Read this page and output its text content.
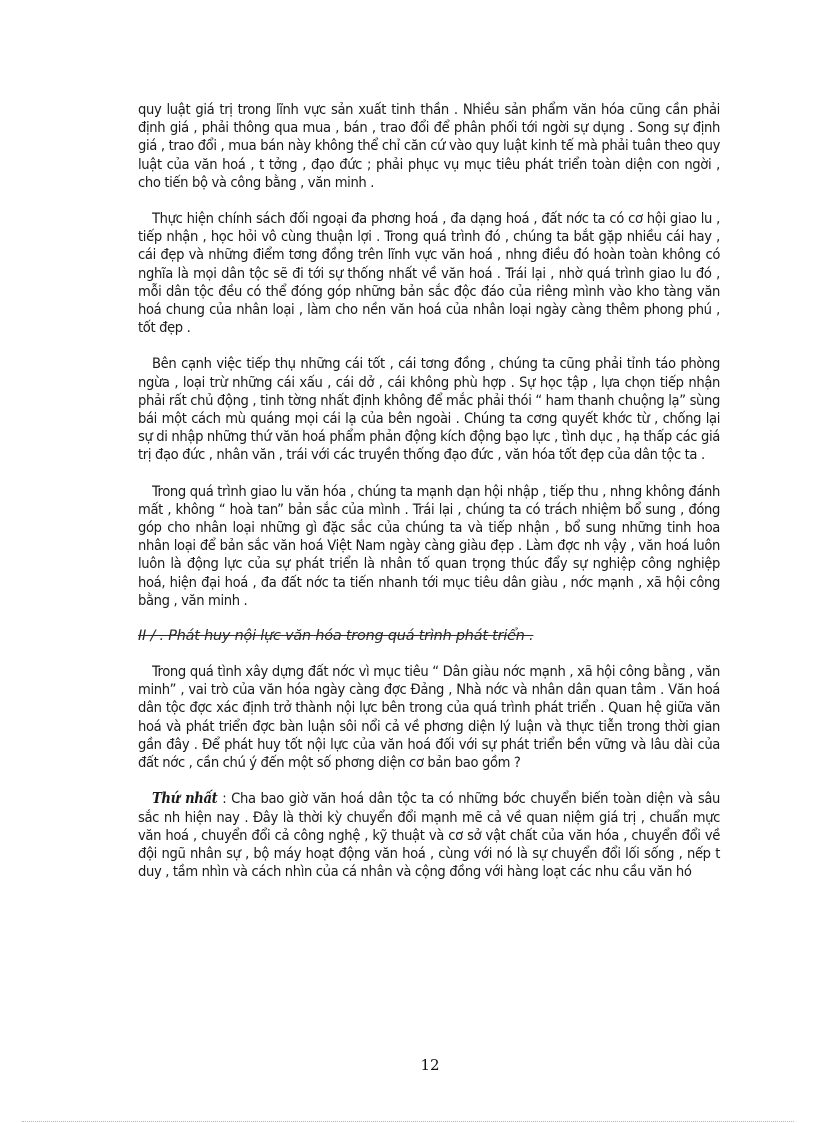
quy luật giá trị trong lĩnh vực sản xuất tinh thần . Nhiều sản phẩm văn hóa cũng cần phải định giá , phải thông qua mua , bán , trao đổi để phân phối tới ngời sự dụng . Song sự định giá , trao đổi , mua bán này không thể chỉ căn cứ vào quy luật kinh tế mà phải tuân theo quy luật của văn hoá , t tởng , đạo đức ; phải phục vụ mục tiêu phát triển toàn diện con ngời , cho tiến bộ và công bằng , văn minh .

Thực hiện chính sách đối ngoại đa phơng hoá , đa dạng hoá , đất nớc ta có cơ hội giao lu , tiếp nhận , học hỏi vô cùng thuận lợi . Trong quá trình đó , chúng ta bắt gặp nhiều cái hay , cái đẹp và những điểm tơng đồng trên lĩnh vực văn hoá , nhng điều đó hoàn toàn không có nghĩa là mọi dân tộc sẽ đi tới sự thống nhất về văn hoá . Trái lại , nhờ quá trình giao lu đó , mỗi dân tộc đều có thể đóng góp những bản sắc độc đáo của riêng mình vào kho tàng văn hoá chung của nhân loại , làm cho nền văn hoá của nhân loại ngày càng thêm phong phú , tốt đẹp .

Bên cạnh việc tiếp thụ những cái tốt , cái tơng đồng , chúng ta cũng phải tỉnh táo phòng ngừa , loại trừ những cái xấu , cái dở , cái không phù hợp . Sự học tập , lựa chọn tiếp nhận phải rất chủ động , tinh tờng nhất định không để mắc phải thói “ ham thanh chuộng lạ” sùng bái một cách mù quáng mọi cái lạ của bên ngoài . Chúng ta cơng quyết khớc từ , chống lại sự di nhập những thứ văn hoá phẩm phản động kích động bạo lực , tình dục , hạ thấp các giá trị đạo đức , nhân văn , trái với các truyền thống đạo đức , văn hóa tốt đẹp của dân tộc ta .

Trong quá trình giao lu văn hóa , chúng ta mạnh dạn hội nhập , tiếp thu , nhng không đánh mất , không “ hoà tan” bản sắc của mình . Trái lại , chúng ta có trách nhiệm bổ sung , đóng góp cho nhân loại những gì đặc sắc của chúng ta và tiếp nhận , bổ sung những tinh hoa nhân loại để bản sắc văn hoá Việt Nam ngày càng giàu đẹp . Làm đợc nh vậy , văn hoá luôn luôn là động lực của sự phát triển là nhân tố quan trọng thúc đẩy sự nghiệp công nghiệp hoá, hiện đại hoá , đa đất nớc ta tiến nhanh tới mục tiêu dân giàu , nớc mạnh , xã hội công bằng , văn minh .

II / . Phát huy nội lực văn hóa trong quá trình phát triển .

Trong quá tình xây dựng đất nớc vì mục tiêu “ Dân giàu nớc mạnh , xã hội công bằng , văn minh” , vai trò của văn hóa ngày càng đợc Đảng , Nhà nớc và nhân dân quan tâm . Văn hoá dân tộc đợc xác định trở thành nội lực bên trong của quá trình phát triển . Quan hệ giữa văn hoá và phát triển đợc bàn luận sôi nổi cả về phơng diện lý luận và thực tiễn trong thời gian gần đây . Để phát huy tốt nội lực của văn hoá đối với sự phát triển bền vững và lâu dài của đất nớc , cần chú ý đến một số phơng diện cơ bản bao gồm ?

Thứ nhất : Cha bao giờ văn hoá dân tộc ta có những bớc chuyển biến toàn diện và sâu sắc nh hiện nay . Đây là thời kỳ chuyển đổi mạnh mẽ cả về quan niệm giá trị , chuẩn mực văn hoá , chuyển đổi cả công nghệ , kỹ thuật và cơ sở vật chất của văn hóa , chuyển đổi về đội ngũ nhân sự , bộ máy hoạt động văn hoá , cùng với nó là sự chuyển đổi lối sống , nếp t duy , tầm nhìn và cách nhìn của cá nhân và cộng đồng với hàng loạt các nhu cầu văn hó

12
